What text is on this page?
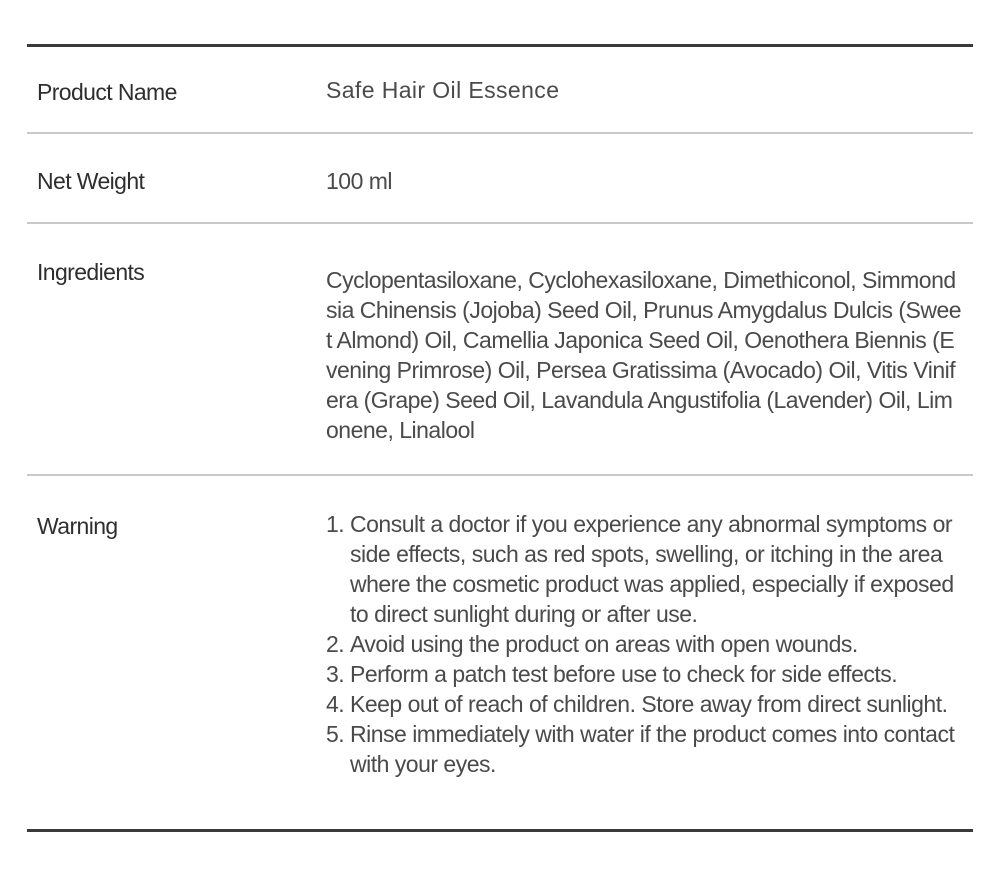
Product Name	Safe Hair Oil Essence
Net Weight	100 ml
Ingredients	Cyclopentasiloxane, Cyclohexasiloxane, Dimethiconol, Simmondsia Chinensis (Jojoba) Seed Oil, Prunus Amygdalus Dulcis (Sweet Almond) Oil, Camellia Japonica Seed Oil, Oenothera Biennis (Evening Primrose) Oil, Persea Gratissima (Avocado) Oil, Vitis Vinifera (Grape) Seed Oil, Lavandula Angustifolia (Lavender) Oil, Limonene, Linalool
Warning	1. Consult a doctor if you experience any abnormal symptoms or side effects, such as red spots, swelling, or itching in the area where the cosmetic product was applied, especially if exposed to direct sunlight during or after use.
2. Avoid using the product on areas with open wounds.
3. Perform a patch test before use to check for side effects.
4. Keep out of reach of children. Store away from direct sunlight.
5. Rinse immediately with water if the product comes into contact with your eyes.
